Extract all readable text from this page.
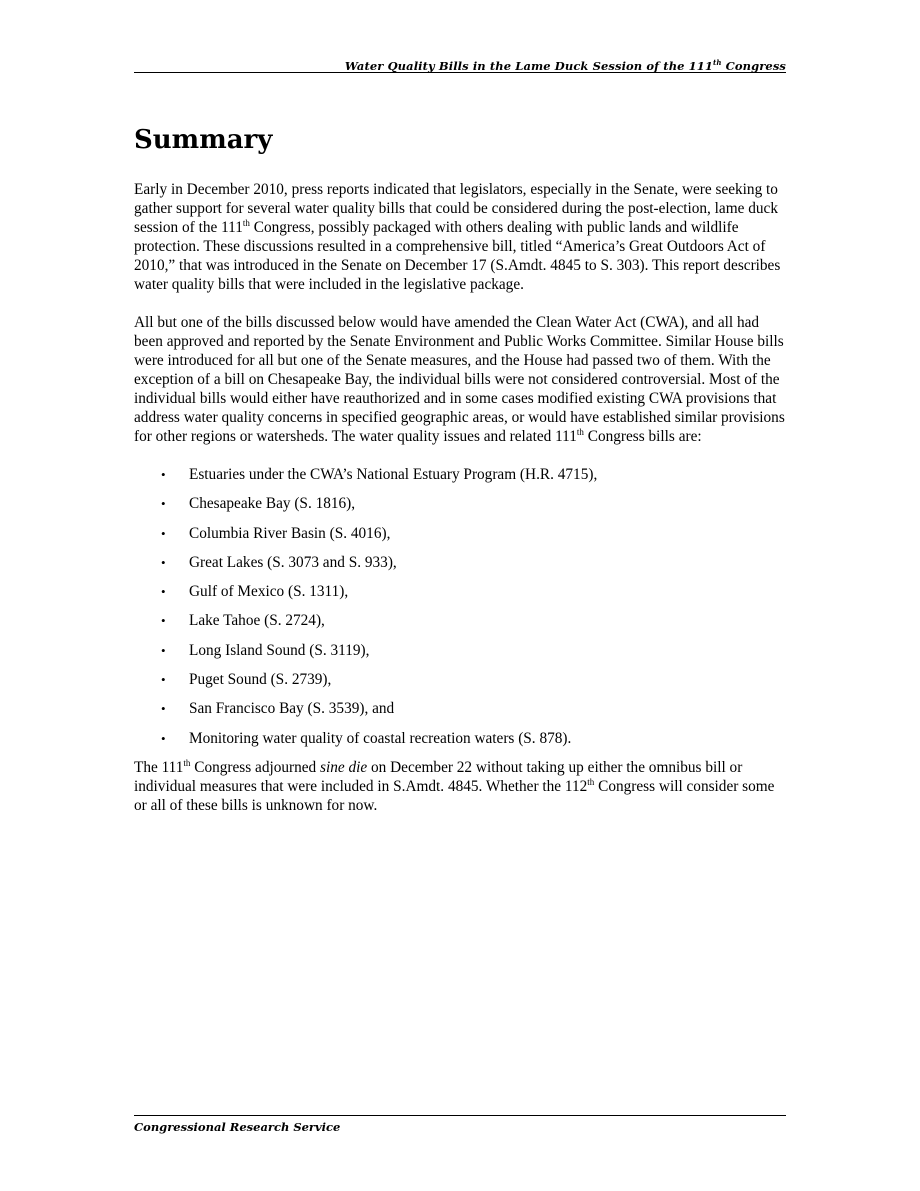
Water Quality Bills in the Lame Duck Session of the 111th Congress
Summary

Early in December 2010, press reports indicated that legislators, especially in the Senate, were seeking to gather support for several water quality bills that could be considered during the post-election, lame duck session of the 111th Congress, possibly packaged with others dealing with public lands and wildlife protection. These discussions resulted in a comprehensive bill, titled “America’s Great Outdoors Act of 2010,” that was introduced in the Senate on December 17 (S.Amdt. 4845 to S. 303). This report describes water quality bills that were included in the legislative package.

All but one of the bills discussed below would have amended the Clean Water Act (CWA), and all had been approved and reported by the Senate Environment and Public Works Committee. Similar House bills were introduced for all but one of the Senate measures, and the House had passed two of them. With the exception of a bill on Chesapeake Bay, the individual bills were not considered controversial. Most of the individual bills would either have reauthorized and in some cases modified existing CWA provisions that address water quality concerns in specified geographic areas, or would have established similar provisions for other regions or watersheds. The water quality issues and related 111th Congress bills are:

• Estuaries under the CWA’s National Estuary Program (H.R. 4715),
• Chesapeake Bay (S. 1816),
• Columbia River Basin (S. 4016),
• Great Lakes (S. 3073 and S. 933),
• Gulf of Mexico (S. 1311),
• Lake Tahoe (S. 2724),
• Long Island Sound (S. 3119),
• Puget Sound (S. 2739),
• San Francisco Bay (S. 3539), and
• Monitoring water quality of coastal recreation waters (S. 878).

The 111th Congress adjourned sine die on December 22 without taking up either the omnibus bill or individual measures that were included in S.Amdt. 4845. Whether the 112th Congress will consider some or all of these bills is unknown for now.

Congressional Research Service
